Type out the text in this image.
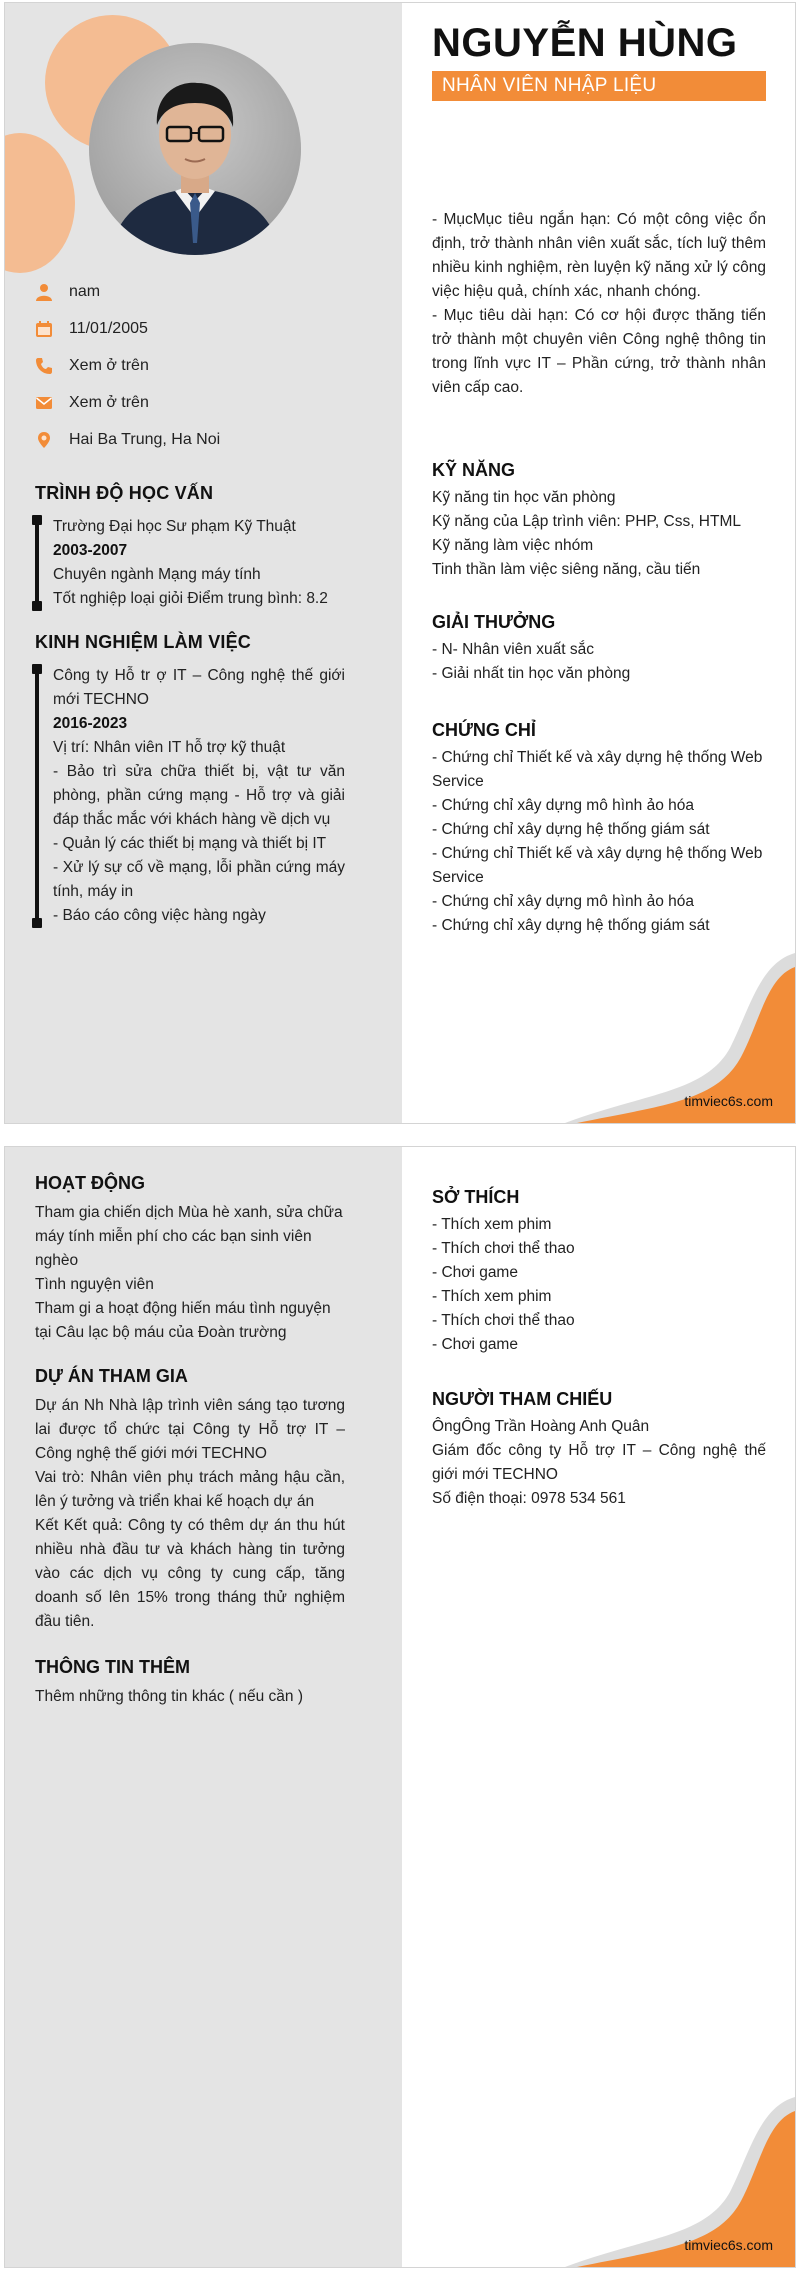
nam
11/01/2005
Xem ở trên
Xem ở trên
Hai Ba Trung, Ha Noi
TRÌNH ĐỘ HỌC VẤN
Trường Đại học Sư phạm Kỹ Thuật
2003-2007
Chuyên ngành Mạng máy tính
Tốt nghiệp loại giỏi Điểm trung bình: 8.2
KINH NGHIỆM LÀM VIỆC
Công ty Hỗ tr ợ IT – Công nghệ thế giới mới TECHNO
2016-2023
Vị trí: Nhân viên IT hỗ trợ kỹ thuật
- Bảo trì sửa chữa thiết bị, vật tư văn phòng, phần cứng mạng - Hỗ trợ và giải đáp thắc mắc với khách hàng về dịch vụ
- Quản lý các thiết bị mạng và thiết bị IT
- Xử lý sự cố về mạng, lỗi phần cứng máy tính, máy in
- Báo cáo công việc hàng ngày
NGUYỄN HÙNG
NHÂN VIÊN NHẬP LIỆU
- MụcMục tiêu ngắn hạn: Có một công việc ổn định, trở thành nhân viên xuất sắc, tích luỹ thêm nhiều kinh nghiệm, rèn luyện kỹ năng xử lý công việc hiệu quả, chính xác, nhanh chóng.
- Mục tiêu dài hạn: Có cơ hội được thăng tiến trở thành một chuyên viên Công nghệ thông tin trong lĩnh vực IT – Phần cứng, trở thành nhân viên cấp cao.
KỸ NĂNG
Kỹ năng tin học văn phòng
Kỹ năng của Lập trình viên: PHP, Css, HTML
Kỹ năng làm việc nhóm
Tinh thần làm việc siêng năng, cầu tiến
GIẢI THƯỞNG
- N- Nhân viên xuất sắc
- Giải nhất tin học văn phòng
CHỨNG CHỈ
- Chứng chỉ Thiết kế và xây dựng hệ thống Web Service
- Chứng chỉ xây dựng mô hình ảo hóa
- Chứng chỉ xây dựng hệ thống giám sát
- Chứng chỉ Thiết kế và xây dựng hệ thống Web Service
- Chứng chỉ xây dựng mô hình ảo hóa
- Chứng chỉ xây dựng hệ thống giám sát
timviec6s.com
HOẠT ĐỘNG
Tham gia chiến dịch Mùa hè xanh, sửa chữa máy tính miễn phí cho các bạn sinh viên nghèo
Tình nguyện viên
Tham gi a hoạt động hiến máu tình nguyện tại Câu lạc bộ máu của Đoàn trường
DỰ ÁN THAM GIA
Dự án Nh Nhà lập trình viên sáng tạo tương lai được tổ chức tại Công ty Hỗ trợ IT – Công nghệ thế giới mới TECHNO
Vai trò: Nhân viên phụ trách mảng hậu cần, lên ý tưởng và triển khai kế hoạch dự án
Kết Kết quả: Công ty có thêm dự án thu hút nhiều nhà đầu tư và khách hàng tin tưởng vào các dịch vụ công ty cung cấp, tăng doanh số lên 15% trong tháng thử nghiệm đầu tiên.
THÔNG TIN THÊM
Thêm những thông tin khác ( nếu cần )
SỞ THÍCH
- Thích xem phim
- Thích chơi thể thao
- Chơi game
- Thích xem phim
- Thích chơi thể thao
- Chơi game
NGƯỜI THAM CHIẾU
ÔngÔng Trần Hoàng Anh Quân
Giám đốc công ty Hỗ trợ IT – Công nghệ thế giới mới TECHNO
Số điện thoại: 0978 534 561
timviec6s.com
